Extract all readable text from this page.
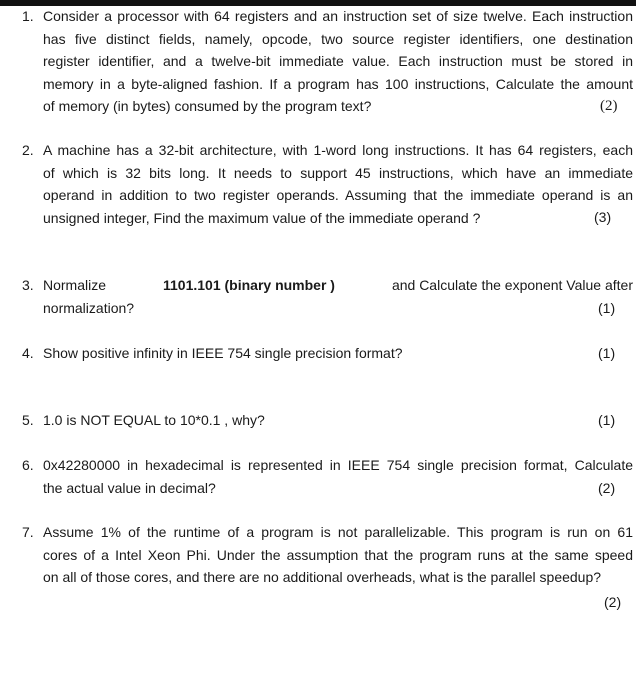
1. Consider a processor with 64 registers and an instruction set of size twelve. Each instruction
has five distinct fields, namely, opcode, two source register identifiers, one destination
register identifier, and a twelve-bit immediate value. Each instruction must be stored in
memory in a byte-aligned fashion. If a program has 100 instructions, Calculate the amount
of memory (in bytes) consumed by the program text?	(2)
2. A machine has a 32-bit architecture, with 1-word long instructions. It has 64 registers, each
of which is 32 bits long. It needs to support 45 instructions, which have an immediate
operand in addition to two register operands. Assuming that the immediate operand is an
unsigned integer, Find the maximum value of the immediate operand ?	(3)
3. Normalize	1101.101 (binary number )	and Calculate the exponent Value after
normalization?	(1)
4. Show positive infinity in IEEE 754 single precision format?	(1)
5. 1.0 is NOT EQUAL to 10*0.1 , why?	(1)
6. 0x42280000 in hexadecimal is represented in IEEE 754 single precision format, Calculate
the actual value in decimal?	(2)
7. Assume 1% of the runtime of a program is not parallelizable. This program is run on 61
cores of a Intel Xeon Phi. Under the assumption that the program runs at the same speed
on all of those cores, and there are no additional overheads, what is the parallel speedup?
(2)
